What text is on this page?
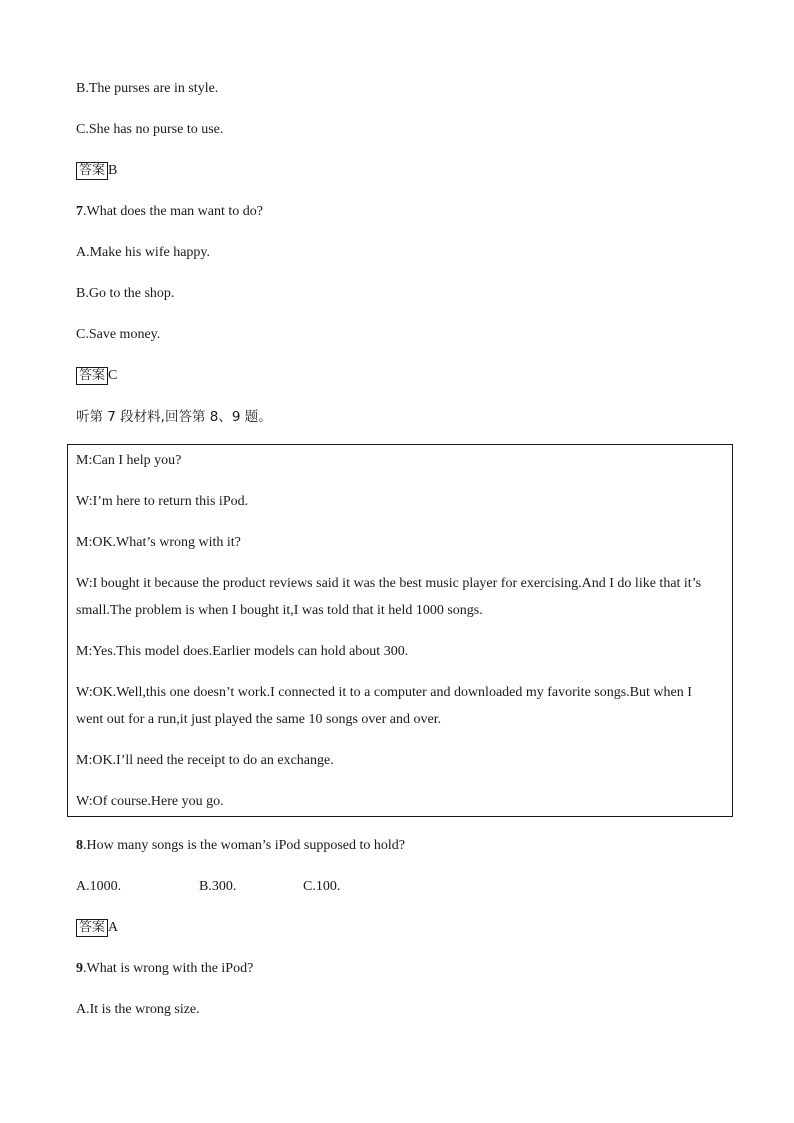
B.The purses are in style.
C.She has no purse to use.
答案 B
7.What does the man want to do?
A.Make his wife happy.
B.Go to the shop.
C.Save money.
答案 C
听第 7 段材料,回答第 8、9 题。
M:Can I help you?
W:I’m here to return this iPod.
M:OK.What’s wrong with it?
W:I bought it because the product reviews said it was the best music player for exercising.And I do like that it’s
small.The problem is when I bought it,I was told that it held 1000 songs.
M:Yes.This model does.Earlier models can hold about 300.
W:OK.Well,this one doesn’t work.I connected it to a computer and downloaded my favorite songs.But when I
went out for a run,it just played the same 10 songs over and over.
M:OK.I’ll need the receipt to do an exchange.
W:Of course.Here you go.
8.How many songs is the woman’s iPod supposed to hold?
A.1000.	B.300.	C.100.
答案 A
9.What is wrong with the iPod?
A.It is the wrong size.
